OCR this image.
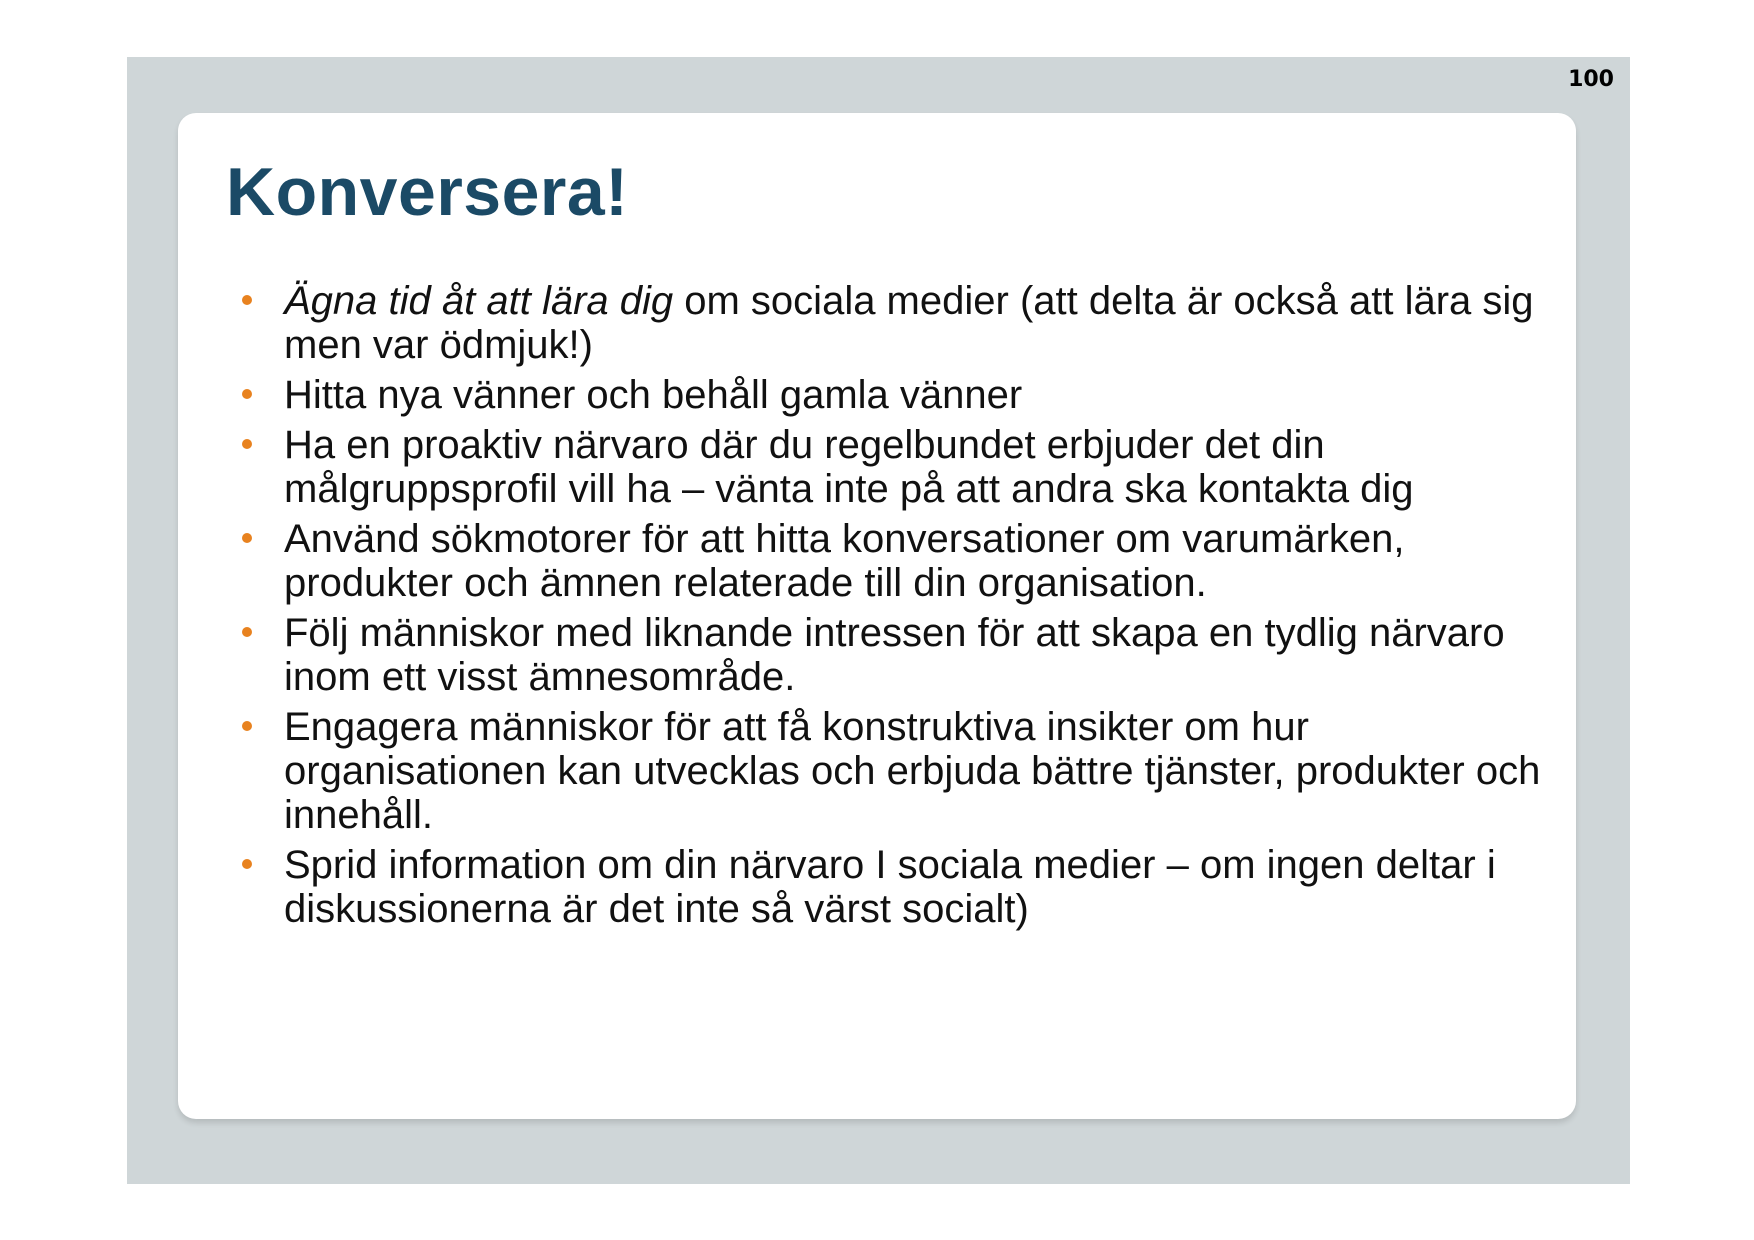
100
Konversera!
Ägna tid åt att lära dig om sociala medier (att delta är också att lära sig men var ödmjuk!)
Hitta nya vänner och behåll gamla vänner
Ha en proaktiv närvaro där du regelbundet erbjuder det din målgruppsprofil vill ha – vänta inte på att andra ska kontakta dig
Använd sökmotorer för att hitta konversationer om varumärken, produkter och ämnen relaterade till din organisation.
Följ människor med liknande intressen för att skapa en tydlig närvaro inom ett visst ämnesområde.
Engagera människor för att få konstruktiva insikter om hur organisationen kan utvecklas och erbjuda bättre tjänster, produkter och innehåll.
Sprid information om din närvaro I sociala medier – om ingen deltar i diskussionerna är det inte så värst socialt)
